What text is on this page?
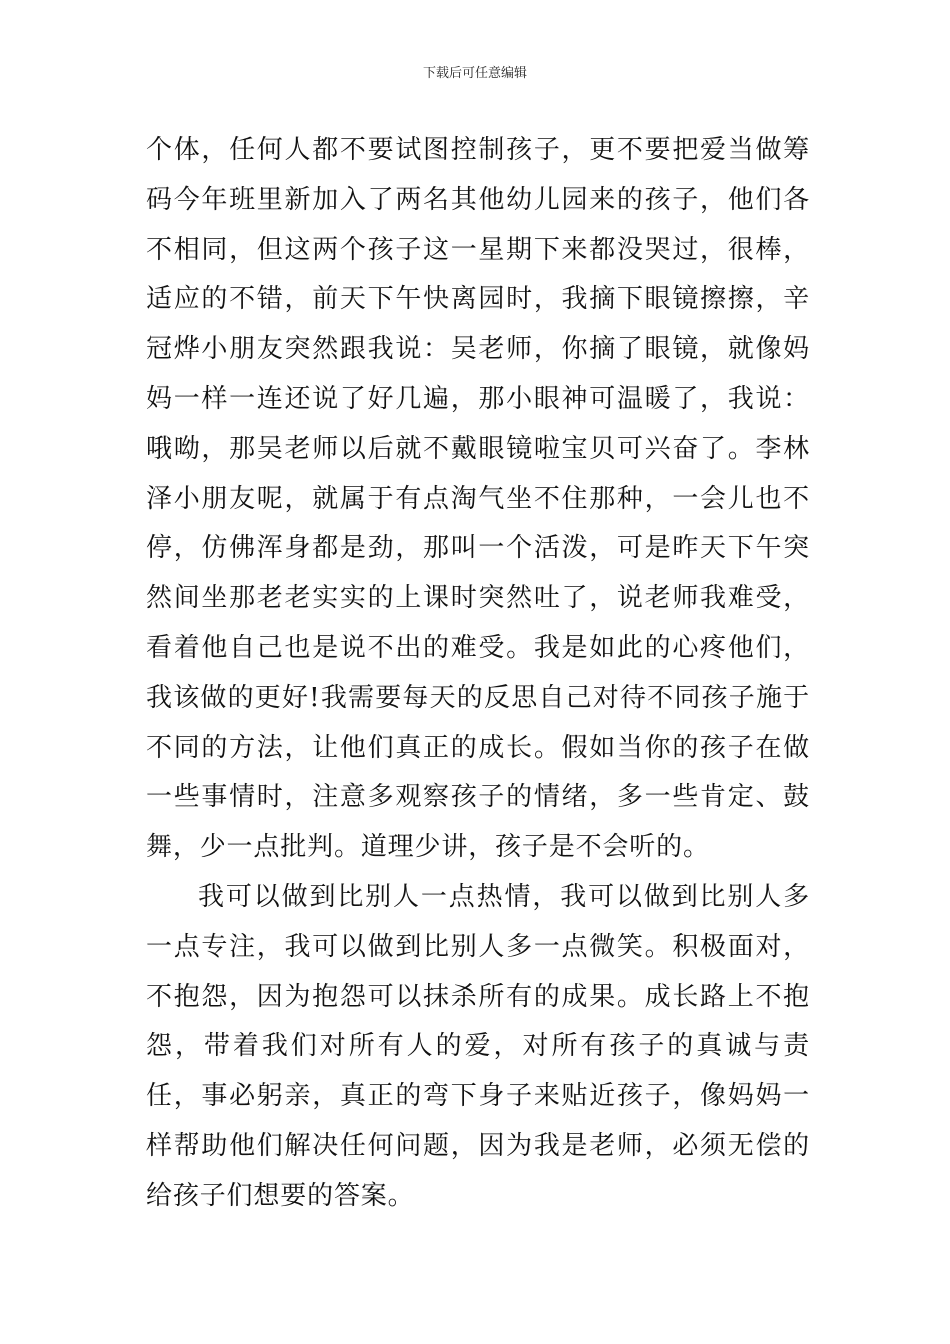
下载后可任意编辑

个体，任何人都不要试图控制孩子，更不要把爱当做筹码今年班里新加入了两名其他幼儿园来的孩子，他们各不相同，但这两个孩子这一星期下来都没哭过，很棒，适应的不错，前天下午快离园时，我摘下眼镜擦擦，辛冠烨小朋友突然跟我说：吴老师，你摘了眼镜，就像妈妈一样一连还说了好几遍，那小眼神可温暖了，我说：哦呦，那吴老师以后就不戴眼镜啦宝贝可兴奋了。李林泽小朋友呢，就属于有点淘气坐不住那种，一会儿也不停，仿佛浑身都是劲，那叫一个活泼，可是昨天下午突然间坐那老老实实的上课时突然吐了，说老师我难受，看着他自己也是说不出的难受。我是如此的心疼他们，我该做的更好!我需要每天的反思自己对待不同孩子施于不同的方法，让他们真正的成长。假如当你的孩子在做一些事情时，注意多观察孩子的情绪，多一些肯定、鼓舞，少一点批判。道理少讲，孩子是不会听的。

我可以做到比别人一点热情，我可以做到比别人多一点专注，我可以做到比别人多一点微笑。积极面对，不抱怨，因为抱怨可以抹杀所有的成果。成长路上不抱怨，带着我们对所有人的爱，对所有孩子的真诚与责任，事必躬亲，真正的弯下身子来贴近孩子，像妈妈一样帮助他们解决任何问题，因为我是老师，必须无偿的给孩子们想要的答案。
